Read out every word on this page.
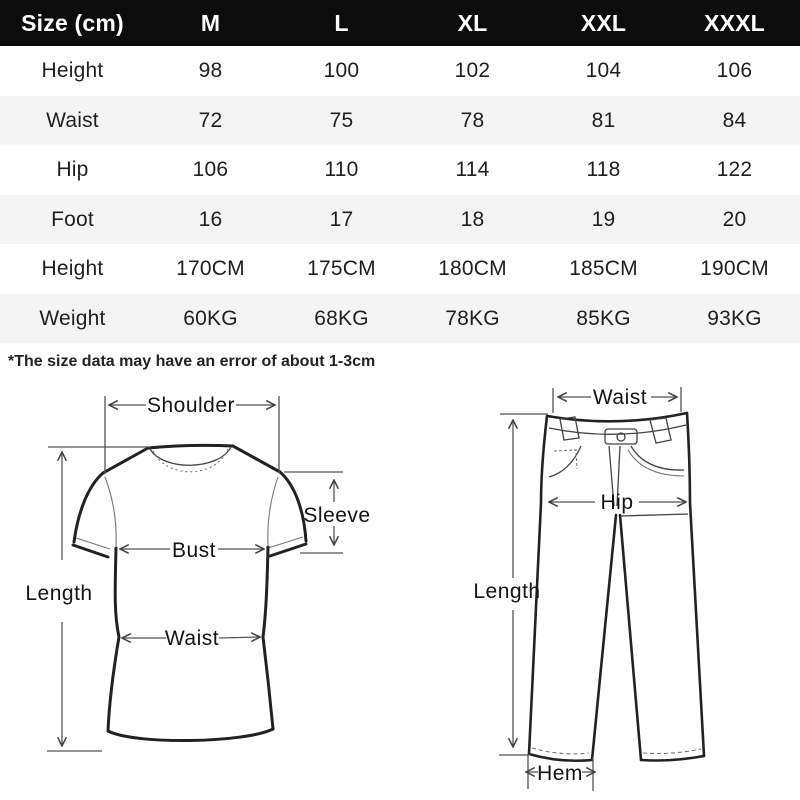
Size (cm)	M	L	XL	XXL	XXXL
Height	98	100	102	104	106
Waist	72	75	78	81	84
Hip	106	110	114	118	122
Foot	16	17	18	19	20
Height	170CM	175CM	180CM	185CM	190CM
Weight	60KG	68KG	78KG	85KG	93KG
*The size data may have an error of about 1-3cm
Shoulder
Length
Sleeve
Bust
Waist
Waist
Length
Hip
Hem
